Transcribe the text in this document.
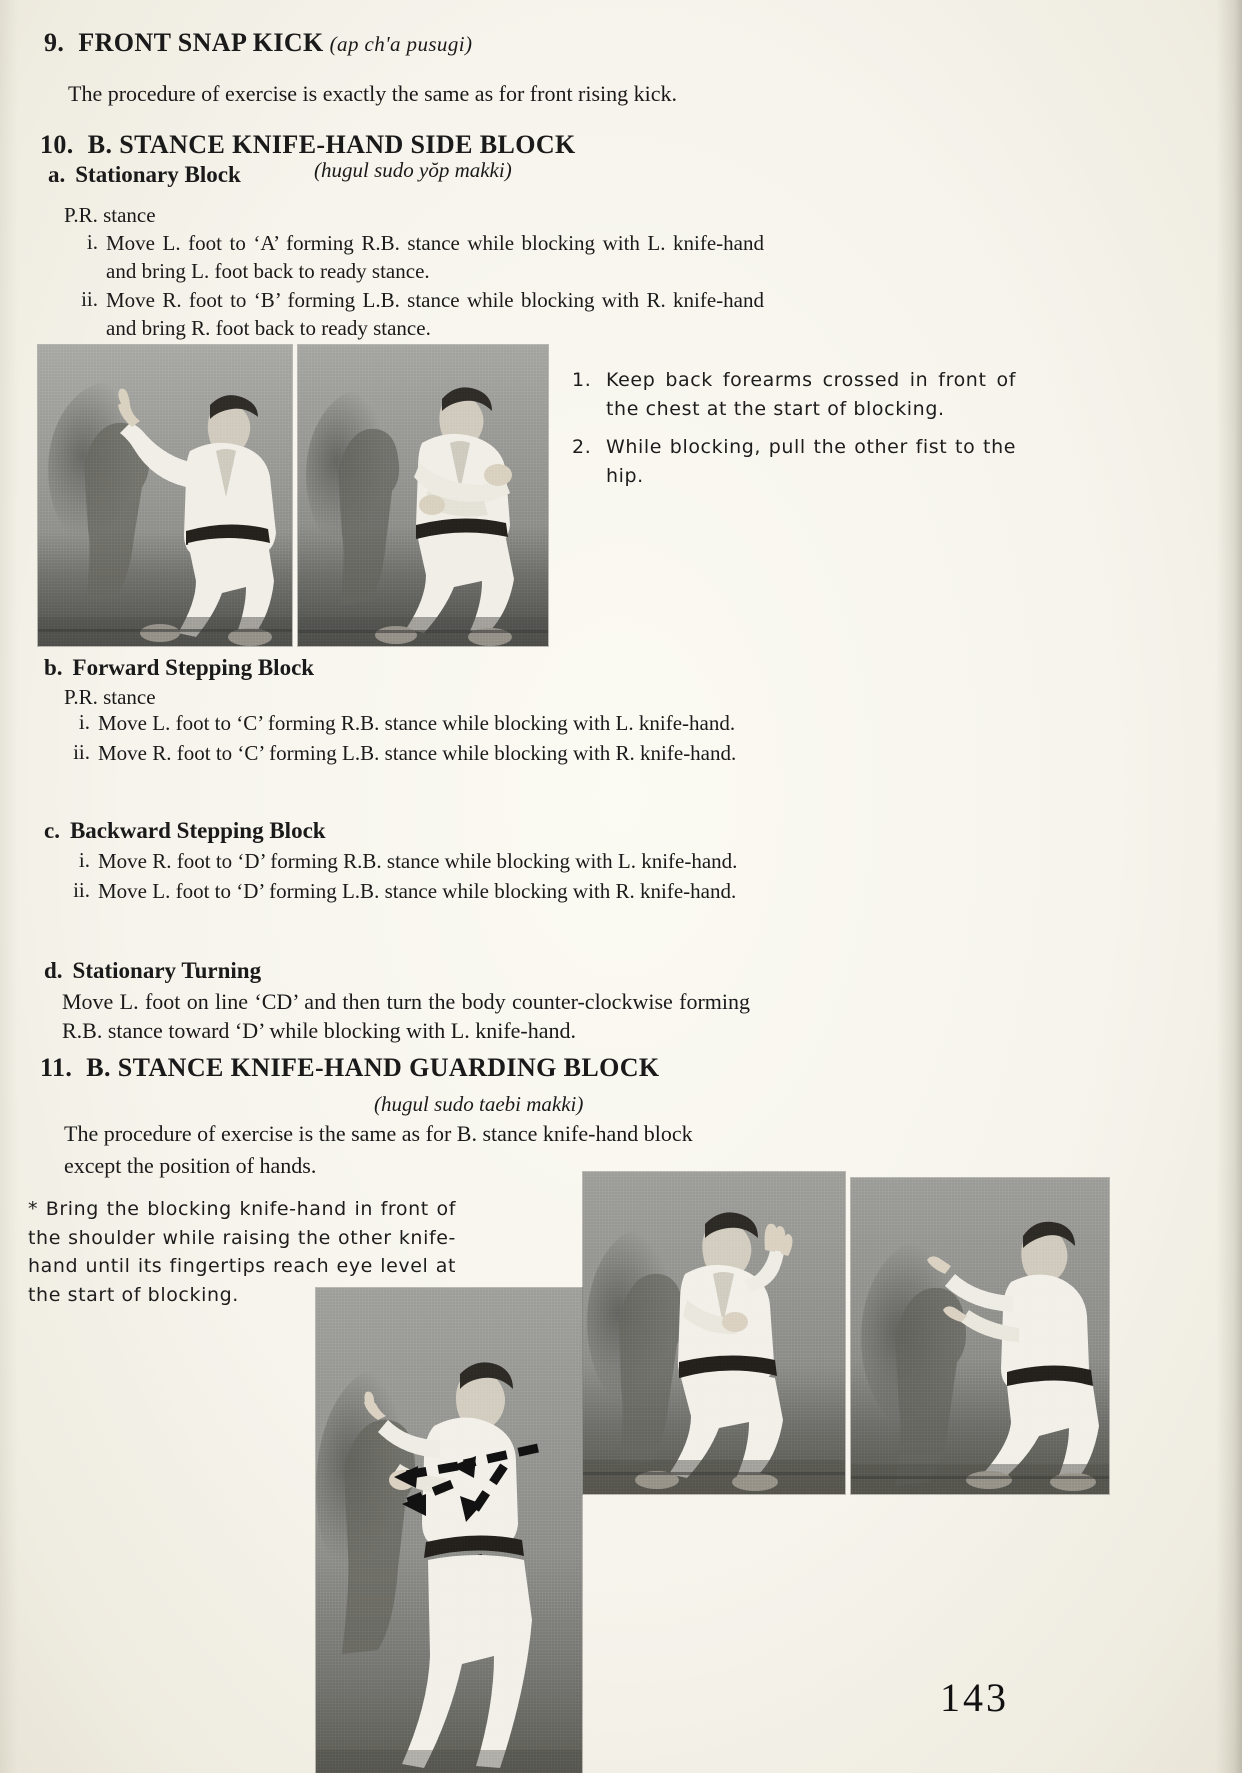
9. FRONT SNAP KICK (ap ch'a pusugi)
The procedure of exercise is exactly the same as for front rising kick.
10. B. STANCE KNIFE-HAND SIDE BLOCK
a. Stationary Block	(hugul sudo yŏp makki)
P.R. stance
i. Move L. foot to ‘A’ forming R.B. stance while blocking with L. knife-hand and bring L. foot back to ready stance.
ii. Move R. foot to ‘B’ forming L.B. stance while blocking with R. knife-hand and bring R. foot back to ready stance.
1. Keep back forearms crossed in front of the chest at the start of blocking.
2. While blocking, pull the other fist to the hip.
b. Forward Stepping Block
P.R. stance
i. Move L. foot to ‘C’ forming R.B. stance while blocking with L. knife-hand.
ii. Move R. foot to ‘C’ forming L.B. stance while blocking with R. knife-hand.
c. Backward Stepping Block
i. Move R. foot to ‘D’ forming R.B. stance while blocking with L. knife-hand.
ii. Move L. foot to ‘D’ forming L.B. stance while blocking with R. knife-hand.
d. Stationary Turning
Move L. foot on line ‘CD’ and then turn the body counter-clockwise forming R.B. stance toward ‘D’ while blocking with L. knife-hand.
11. B. STANCE KNIFE-HAND GUARDING BLOCK
(hugul sudo taebi makki)
The procedure of exercise is the same as for B. stance knife-hand block
except the position of hands.
* Bring the blocking knife-hand in front of the shoulder while raising the other knife-hand until its fingertips reach eye level at the start of blocking.
143
